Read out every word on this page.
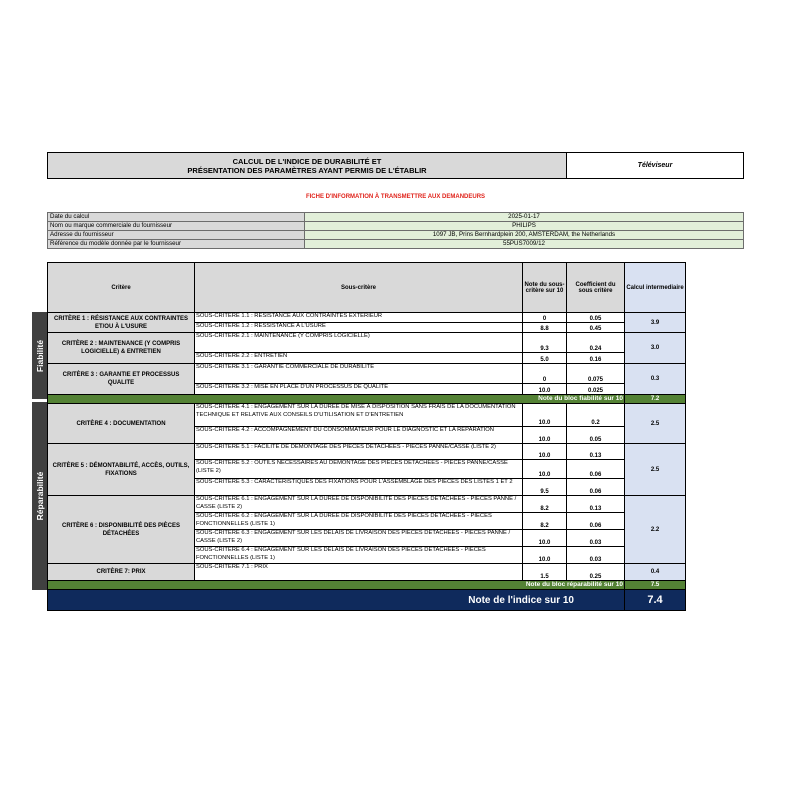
CALCUL DE L'INDICE DE DURABILITÉ ET
PRÉSENTATION DES PARAMÈTRES AYANT PERMIS DE L'ÉTABLIR	Téléviseur
FICHE D'INFORMATION À TRANSMETTRE AUX DEMANDEURS
Date du calcul	2025-01-17
Nom ou marque commerciale du fournisseur	PHILIPS
Adresse du fournisseur	1097 JB, Prins Bernhardplein 200, AMSTERDAM, the Netherlands
Référence du modèle donnée par le fournisseur	55PUS7009/12
Fiabilité
Réparabilité
Critère	Sous-critère	Note du sous-critère sur 10	Coefficient du sous critère	Calcul intermediaire
CRITÈRE 1 : RÉSISTANCE AUX CONTRAINTES ET/OU À L'USURE	SOUS-CRITÈRE 1.1 : RÉSISTANCE AUX CONTRAINTES EXTERIEUR	0	0.05	3.9
	SOUS-CRITÈRE 1.2 : RESSISTANCE A L'USURE	8.8	0.45	
CRITÈRE 2 : MAINTENANCE (Y COMPRIS LOGICIELLE) & ENTRETIEN	SOUS-CRITÈRE 2.1 : MAINTENANCE (Y COMPRIS LOGICIELLE)	9.3	0.24	3.0
	SOUS-CRITÈRE 2.2 : ENTRETIEN	5.0	0.16	
CRITÈRE 3 : GARANTIE ET PROCESSUS QUALITE	SOUS-CRITÈRE 3.1 : GARANTIE COMMERCIALE DE DURABILITÉ	0	0.075	0.3
	SOUS-CRITÈRE 3.2 : MISE EN PLACE D'UN PROCESSUS DE QUALITE	10.0	0.025	
Note du bloc fiabilité sur 10				7.2
CRITÈRE 4 : DOCUMENTATION	SOUS-CRITÈRE 4.1 : ENGAGEMENT SUR LA DURÉE DE MISE À DISPOSITION SANS FRAIS DE LA DOCUMENTATION TECHNIQUE ET RELATIVE AUX CONSEILS D'UTILISATION ET D'ENTRETIEN	10.0	0.2	2.5
	SOUS-CRITÈRE 4.2 : ACCOMPAGNEMENT DU CONSOMMATEUR POUR LE DIAGNOSTIC ET LA RÉPARATION	10.0	0.05	
CRITÈRE 5 : DÉMONTABILITÉ, ACCÈS, OUTILS, FIXATIONS	SOUS-CRITÈRE 5.1 : FACILITÉ DE DÉMONTAGE DES PIÈCES DÉTACHÉES - PIÈCES PANNE/CASSE (LISTE 2)	10.0	0.13	2.5
	SOUS-CRITÈRE 5.2 : OUTILS NÉCESSAIRES AU DÉMONTAGE DES PIÈCES DÉTACHÉES - PIÈCES PANNE/CASSE (LISTE 2)	10.0	0.06	
	SOUS-CRITÈRE 5.3 : CARACTÉRISTIQUES DES FIXATIONS POUR L'ASSEMBLAGE DES PIÈCES DES LISTES 1 ET 2	9.5	0.06	
CRITÈRE 6 : DISPONIBILITÉ DES PIÈCES DÉTACHÉES	SOUS-CRITÈRE 6.1 : ENGAGEMENT SUR LA DURÉE DE DISPONIBILITÉ DES PIÈCES DÉTACHÉES - PIÈCES PANNE / CASSE (LISTE 2)	8.2	0.13	2.2
	SOUS-CRITÈRE 6.2 : ENGAGEMENT SUR LA DURÉE DE DISPONIBILITÉ DES PIÈCES DÉTACHÉES - PIÈCES FONCTIONNELLES (LISTE 1)	8.2	0.06	
	SOUS-CRITÈRE 6.3 : ENGAGEMENT SUR LES DÉLAIS DE LIVRAISON DES PIÈCES DÉTACHÉES - PIÈCES PANNE / CASSE (LISTE 2)	10.0	0.03	
	SOUS-CRITÈRE 6.4 : ENGAGEMENT SUR LES DÉLAIS DE LIVRAISON DES PIÈCES DÉTACHÉES - PIÈCES FONCTIONNELLES (LISTE 1)	10.0	0.03	
CRITÈRE 7: PRIX	SOUS-CRITÈRE 7.1 : PRIX	1.5	0.25	0.4
Note du bloc réparabilité sur 10				7.5
Note de l'indice sur 10				7.4
